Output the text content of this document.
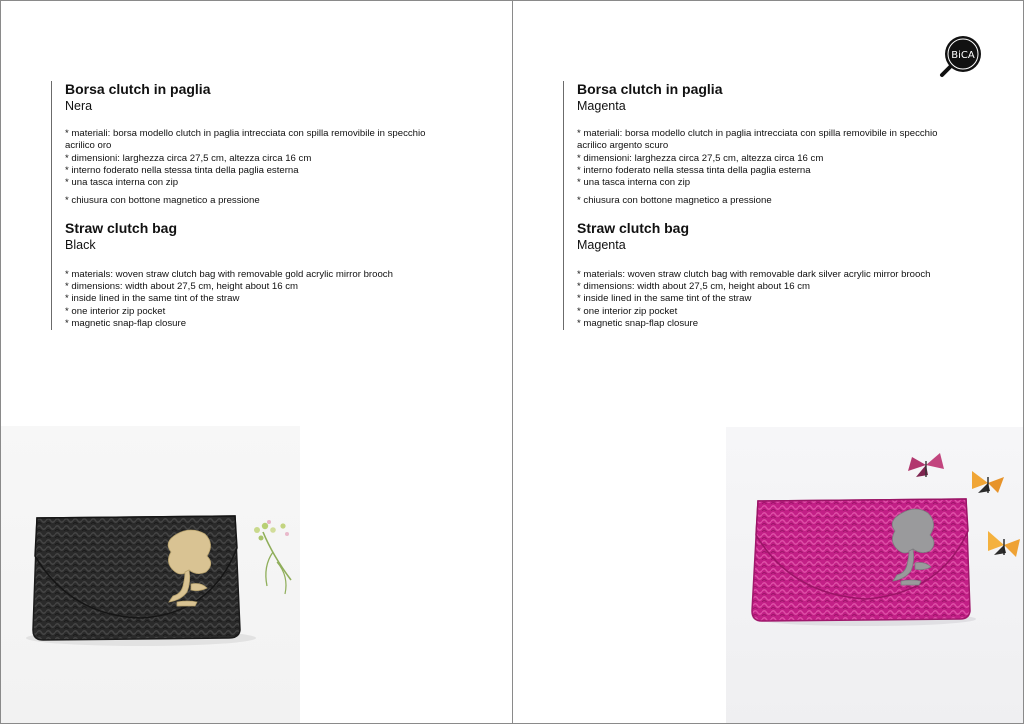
Borsa clutch in paglia

Nera

* materiali: borsa modello clutch in paglia intrecciata con spilla removibile in specchio
acrilico oro
* dimensioni: larghezza circa 27,5 cm, altezza circa 16 cm
* interno foderato nella stessa tinta della paglia esterna
* una tasca interna con zip
* chiusura con bottone magnetico a pressione

Straw clutch bag

Black

* materials: woven straw clutch bag with removable gold acrylic mirror brooch
* dimensions: width about 27,5 cm, height about 16 cm
* inside lined in the same tint of the straw
* one interior zip pocket
* magnetic snap-flap closure
BiCA

Borsa clutch in paglia

Magenta

* materiali: borsa modello clutch in paglia intrecciata con spilla removibile in specchio
acrilico argento scuro
* dimensioni: larghezza circa 27,5 cm, altezza circa 16 cm
* interno foderato nella stessa tinta della paglia esterna
* una tasca interna con zip
* chiusura con bottone magnetico a pressione

Straw clutch bag

Magenta

* materials: woven straw clutch bag with removable dark silver acrylic mirror brooch
* dimensions: width about 27,5 cm, height about 16 cm
* inside lined in the same tint of the straw
* one interior zip pocket
* magnetic snap-flap closure
